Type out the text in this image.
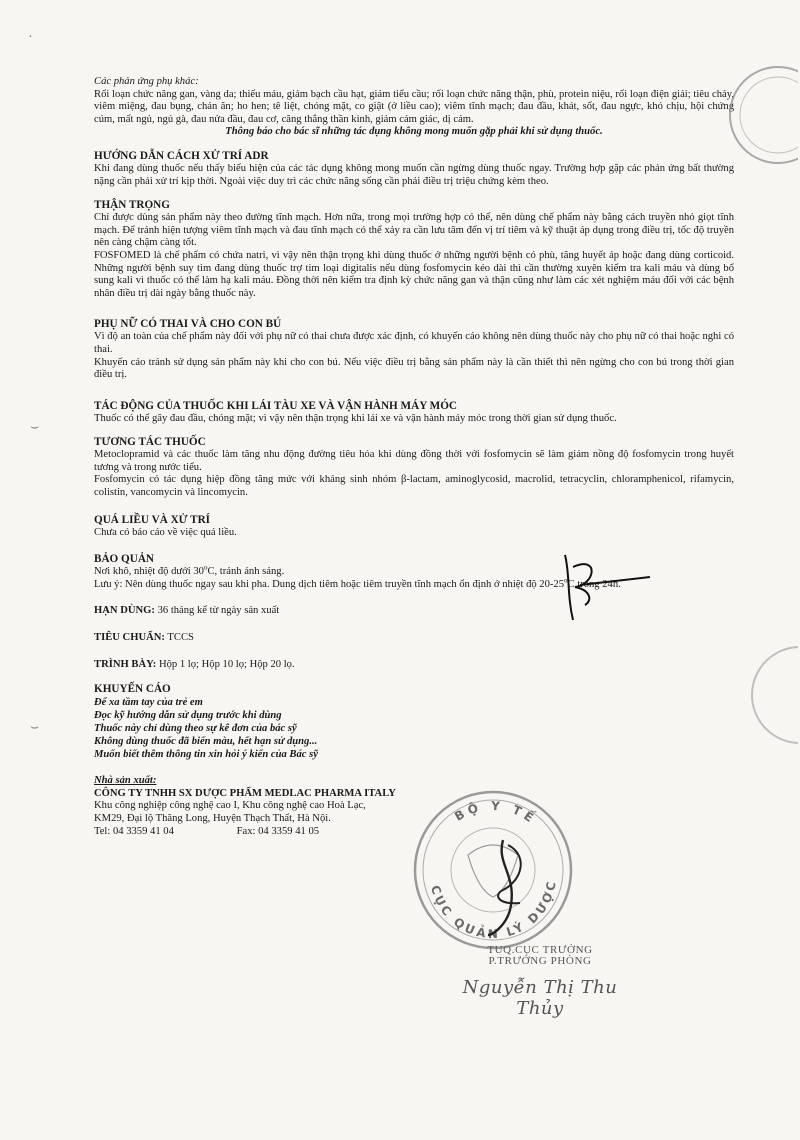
Các phản ứng phụ khác:

Rối loạn chức năng gan, vàng da; thiếu máu, giảm bạch cầu hạt, giảm tiểu cầu; rối loạn chức năng thận, phù, protein niệu, rối loạn điện giải; tiêu chảy, viêm miệng, đau bụng, chán ăn; ho hen; tê liệt, chóng mặt, co giật (ở liều cao); viêm tĩnh mạch; đau đầu, khát, sốt, đau ngực, khó chịu, hội chứng cúm, mất ngủ, ngủ gà, đau nửa đầu, đau cơ, căng thẳng thần kinh, giảm cảm giác, dị cảm.

Thông báo cho bác sĩ những tác dụng không mong muốn gặp phải khi sử dụng thuốc.
HƯỚNG DẪN CÁCH XỬ TRÍ ADR

Khi đang dùng thuốc nếu thấy biểu hiện của các tác dụng không mong muốn cần ngừng dùng thuốc ngay. Trường hợp gặp các phản ứng bất thường nặng cần phải xử trí kịp thời. Ngoài việc duy trì các chức năng sống cần phải điều trị triệu chứng kèm theo.

THẬN TRỌNG

Chỉ được dùng sản phẩm này theo đường tĩnh mạch. Hơn nữa, trong mọi trường hợp có thể, nên dùng chế phẩm này bằng cách truyền nhỏ giọt tĩnh mạch. Để tránh hiện tượng viêm tĩnh mạch và đau tĩnh mạch có thể xảy ra cần lưu tâm đến vị trí tiêm và kỹ thuật áp dụng trong điều trị, tốc độ truyền nên càng chậm càng tốt.

FOSFOMED là chế phẩm có chứa natri, vì vậy nên thận trọng khi dùng thuốc ở những người bệnh có phù, tăng huyết áp hoặc đang dùng corticoid. Những người bệnh suy tim đang dùng thuốc trợ tim loại digitalis nếu dùng fosfomycin kéo dài thì cần thường xuyên kiểm tra kali máu và dùng bổ sung kali vì thuốc có thể làm hạ kali máu. Đồng thời nên kiểm tra định kỳ chức năng gan và thận cũng như làm các xét nghiệm máu đối với các bệnh nhân điều trị dài ngày bằng thuốc này.

PHỤ NỮ CÓ THAI VÀ CHO CON BÚ

Vì độ an toàn của chế phẩm này đối với phụ nữ có thai chưa được xác định, có khuyến cáo không nên dùng thuốc này cho phụ nữ có thai hoặc nghi có thai.

Khuyến cáo tránh sử dụng sản phẩm này khi cho con bú. Nếu việc điều trị bằng sản phẩm này là cần thiết thì nên ngừng cho con bú trong thời gian điều trị.

TÁC ĐỘNG CỦA THUỐC KHI LÁI TÀU XE VÀ VẬN HÀNH MÁY MÓC

Thuốc có thể gây đau đầu, chóng mặt; vì vậy nên thận trọng khi lái xe và vận hành máy móc trong thời gian sử dụng thuốc.

TƯƠNG TÁC THUỐC

Metoclopramid và các thuốc làm tăng nhu động đường tiêu hóa khi dùng đồng thời với fosfomycin sẽ làm giảm nồng độ fosfomycin trong huyết tương và trong nước tiểu.

Fosfomycin có tác dụng hiệp đồng tăng mức với kháng sinh nhóm β-lactam, aminoglycosid, macrolid, tetracyclin, chloramphenicol, rifamycin, colistin, vancomycin và lincomycin.

QUÁ LIỀU VÀ XỬ TRÍ

Chưa có báo cáo về việc quá liều.

BẢO QUẢN

Nơi khô, nhiệt độ dưới 30$^o$C, tránh ánh sáng.

Lưu ý: Nên dùng thuốc ngay sau khi pha. Dung dịch tiêm hoặc tiêm truyền tĩnh mạch ổn định ở nhiệt độ 20-25$^o$C trong 24h.

HẠN DÙNG: 36 tháng kể từ ngày sản xuất
TIÊU CHUẨN: TCCS
TRÌNH BÀY: Hộp 1 lọ; Hộp 10 lọ; Hộp 20 lọ.
KHUYẾN CÁO
Để xa tầm tay của trẻ em
Đọc kỹ hướng dẫn sử dụng trước khi dùng
Thuốc này chỉ dùng theo sự kê đơn của bác sỹ
Không dùng thuốc đã biến màu, hết hạn sử dụng...
Muốn biết thêm thông tin xin hỏi ý kiến của Bác sỹ
Nhà sản xuất:
CÔNG TY TNHH SX DƯỢC PHẨM MEDLAC PHARMA ITALY
Khu công nghiệp công nghệ cao I, Khu công nghệ cao Hoà Lạc,
KM29, Đại lộ Thăng Long, Huyện Thạch Thất, Hà Nội.
Tel: 04 3359 41 04	Fax: 04 3359 41 05
BỘ Y TẾ
CỤC QUẢN LÝ DƯỢC
TUQ.CỤC TRƯỞNG
P.TRƯỞNG PHÒNG
Nguyễn Thị Thu Thủy
·
⌣
⌣
